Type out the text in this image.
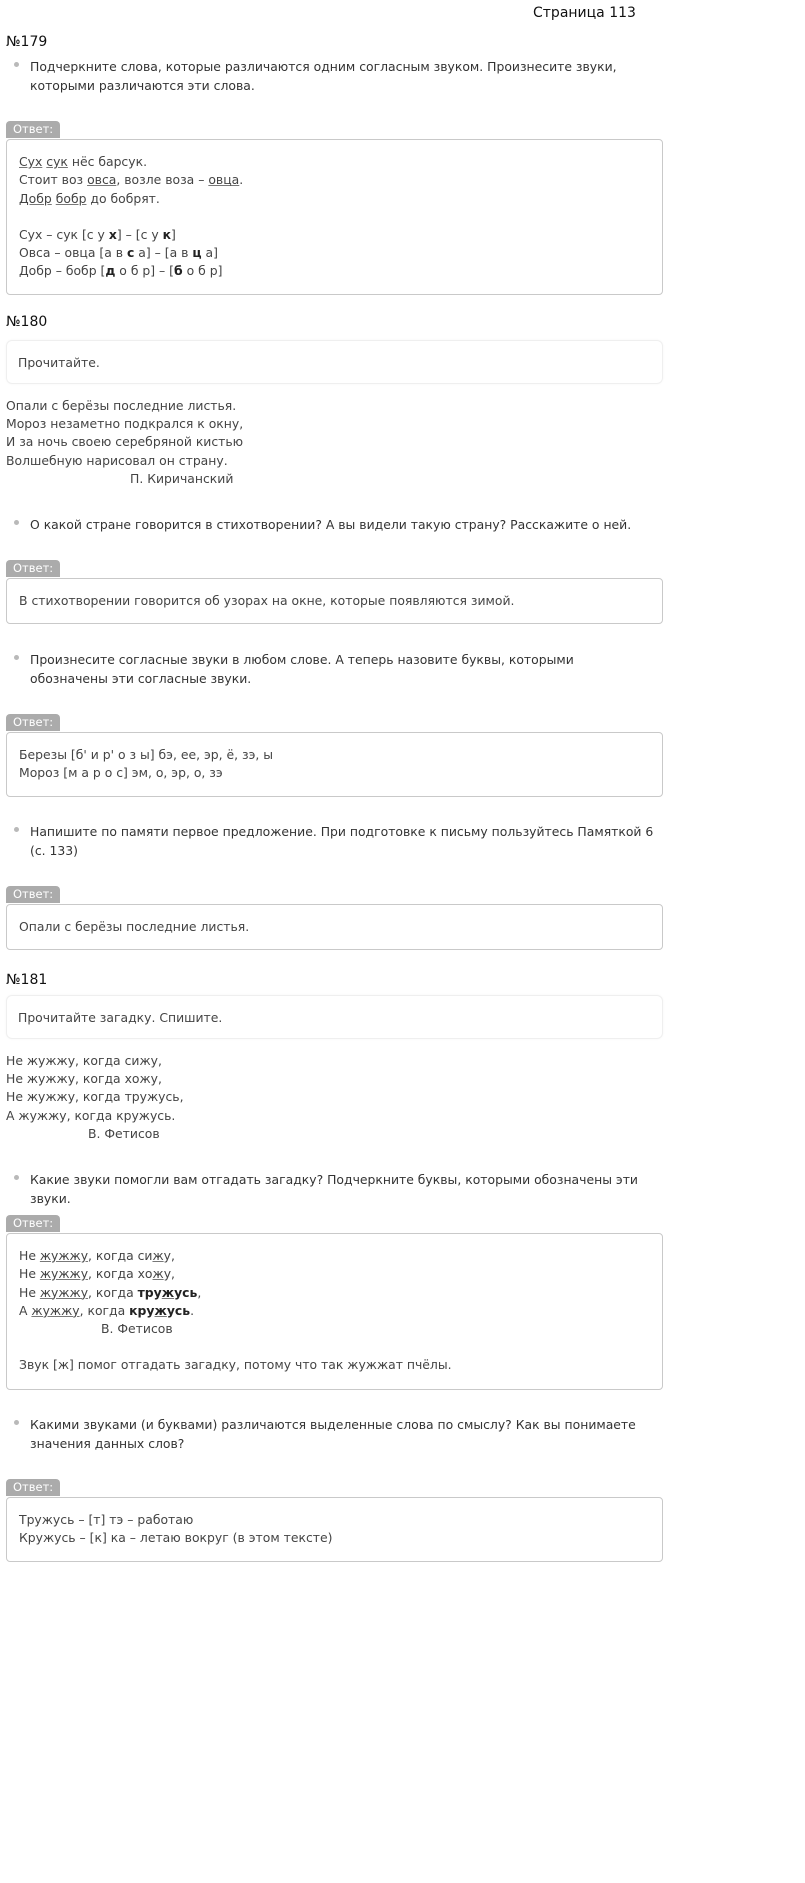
Страница 113
№179
Подчеркните слова, которые различаются одним согласным звуком. Произнесите звуки, которыми различаются эти слова.
Ответ:
Сух сук нёс барсук.
Стоит воз овса, возле воза – овца.
Добр бобр до бобрят.
Сух – сук [с у х] – [с у к]
Овса – овца [а в с а] – [а в ц а]
Добр – бобр [д о б р] – [б о б р]
№180
Прочитайте.
Опали с берёзы последние листья.
Мороз незаметно подкрался к окну,
И за ночь своею серебряной кистью
Волшебную нарисовал он страну.
П. Киричанский
О какой стране говорится в стихотворении? А вы видели такую страну? Расскажите о ней.
Ответ:
В стихотворении говорится об узорах на окне, которые появляются зимой.
Произнесите согласные звуки в любом слове. А теперь назовите буквы, которыми обозначены эти согласные звуки.
Ответ:
Березы [б' и р' о з ы] бэ, ее, эр, ё, зэ, ы
Мороз [м а р о с] эм, о, эр, о, зэ
Напишите по памяти первое предложение. При подготовке к письму пользуйтесь Памяткой 6 (с. 133)
Ответ:
Опали с берёзы последние листья.
№181
Прочитайте загадку. Спишите.
Не жужжу, когда сижу,
Не жужжу, когда хожу,
Не жужжу, когда тружусь,
А жужжу, когда кружусь.
В. Фетисов
Какие звуки помогли вам отгадать загадку? Подчеркните буквы, которыми обозначены эти звуки.
Ответ:
Не жужжу, когда сижу,
Не жужжу, когда хожу,
Не жужжу, когда тружусь,
А жужжу, когда кружусь.
В. Фетисов
Звук [ж] помог отгадать загадку, потому что так жужжат пчёлы.
Какими звуками (и буквами) различаются выделенные слова по смыслу? Как вы понимаете значения данных слов?
Ответ:
Тружусь – [т] тэ – работаю
Кружусь – [к] ка – летаю вокруг (в этом тексте)
